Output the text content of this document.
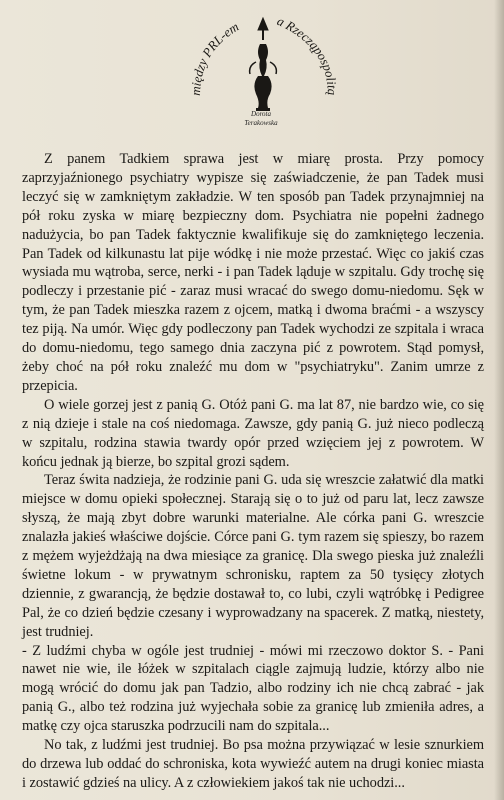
między PRL-em	a Rzecząpospolitą
Dorota
Terakowska

Z panem Tadkiem sprawa jest w miarę prosta. Przy pomocy zaprzyjaźnionego psychiatry wypisze się zaświadczenie, że pan Tadek musi leczyć się w zamkniętym zakładzie. W ten sposób pan Tadek przynajmniej na pół roku zyska w miarę bezpieczny dom. Psychiatra nie popełni żadnego nadużycia, bo pan Tadek faktycznie kwalifikuje się do zamkniętego leczenia. Pan Tadek od kilkunastu lat pije wódkę i nie może przestać. Więc co jakiś czas wysiada mu wątroba, serce, nerki - i pan Tadek ląduje w szpitalu. Gdy trochę się podleczy i przestanie pić - zaraz musi wracać do swego domu-niedomu. Sęk w tym, że pan Tadek mieszka razem z ojcem, matką i dwoma braćmi - a wszyscy tez piją. Na umór. Więc gdy podleczony pan Tadek wychodzi ze szpitala i wraca do domu-niedomu, tego samego dnia zaczyna pić z powrotem. Stąd pomysł, żeby choć na pół roku znaleźć mu dom w "psychiatryku". Zanim umrze z przepicia.

O wiele gorzej jest z panią G. Otóż pani G. ma lat 87, nie bardzo wie, co się z nią dzieje i stale na coś niedomaga. Zawsze, gdy panią G. już nieco podleczą w szpitalu, rodzina stawia twardy opór przed wzięciem jej z powrotem. W końcu jednak ją bierze, bo szpital grozi sądem.

Teraz świta nadzieja, że rodzinie pani G. uda się wreszcie załatwić dla matki miejsce w domu opieki społecznej. Starają się o to już od paru lat, lecz zawsze słyszą, że mają zbyt dobre warunki materialne. Ale córka pani G. wreszcie znalazła jakieś właściwe dojście. Córce pani G. tym razem się spieszy, bo razem z mężem wyjeżdżają na dwa miesiące za granicę. Dla swego pieska już znaleźli świetne lokum - w prywatnym schronisku, raptem za 50 tysięcy złotych dziennie, z gwarancją, że będzie dostawał to, co lubi, czyli wątróbkę i Pedigree Pal, że co dzień będzie czesany i wyprowadzany na spacerek. Z matką, niestety, jest trudniej.

- Z ludźmi chyba w ogóle jest trudniej - mówi mi rzeczowo doktor S. - Pani nawet nie wie, ile łóżek w szpitalach ciągle zajmują ludzie, którzy albo nie mogą wrócić do domu jak pan Tadzio, albo rodziny ich nie chcą zabrać - jak panią G., albo też rodzina już wyjechała sobie za granicę lub zmieniła adres, a matkę czy ojca staruszka podrzucili nam do szpitala...

No tak, z ludźmi jest trudniej. Bo psa można przywiązać w lesie sznurkiem do drzewa lub oddać do schroniska, kota wywieźć autem na drugi koniec miasta i zostawić gdzieś na ulicy. A z człowiekiem jakoś tak nie uchodzi...
